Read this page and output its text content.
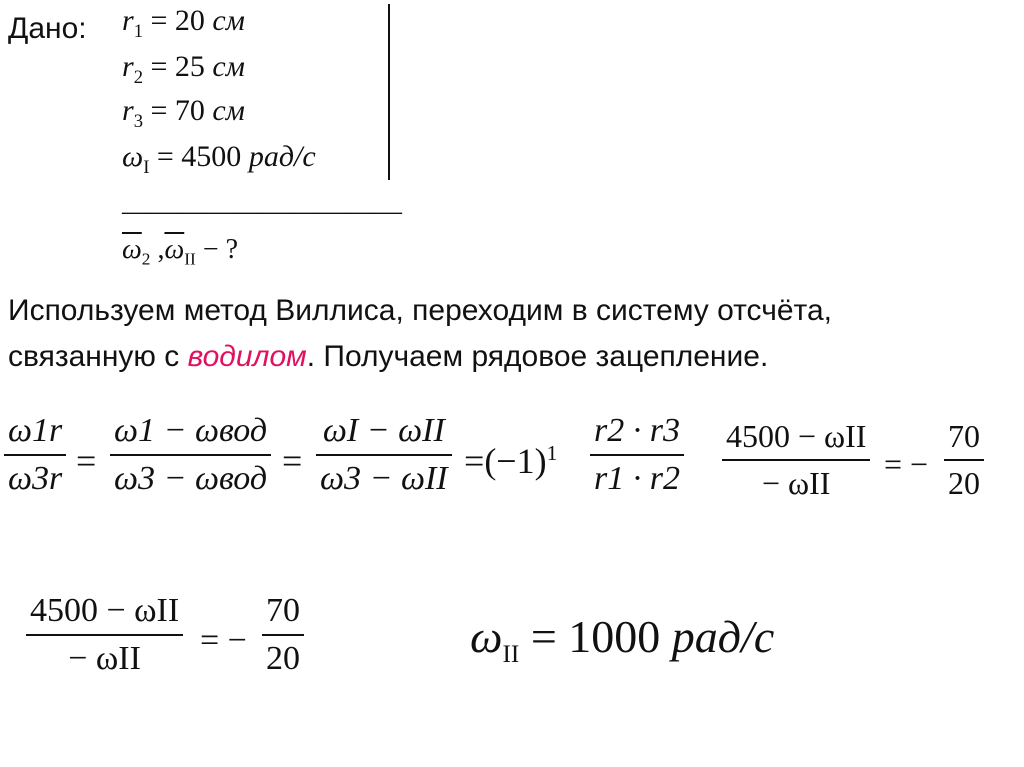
Дано: $r_1 = 20$ см
$r_2 = 25$ см
$r_3 = 70$ см
$\omega_I = 4500$ рад/с
——————————
$\overline{\omega}_2$ $,\overline{\omega}_{II}$ − ?
Используем метод Виллиса, переходим в систему отсчёта,
связанную с водилом. Получаем рядовое зацепление.
ω1r
ω3r =
ω1 − ωвод
ω3 − ωвод =
ωI − ωII
$\omega 3 - \omega II =(-1)^1$
r2 · r3
r1 · r2
4500 − ωII
− ωII
= −
70
20
4500 − ωII
− ωII	= −
70
20	$\omega_{II} = 1000$ рад/с
